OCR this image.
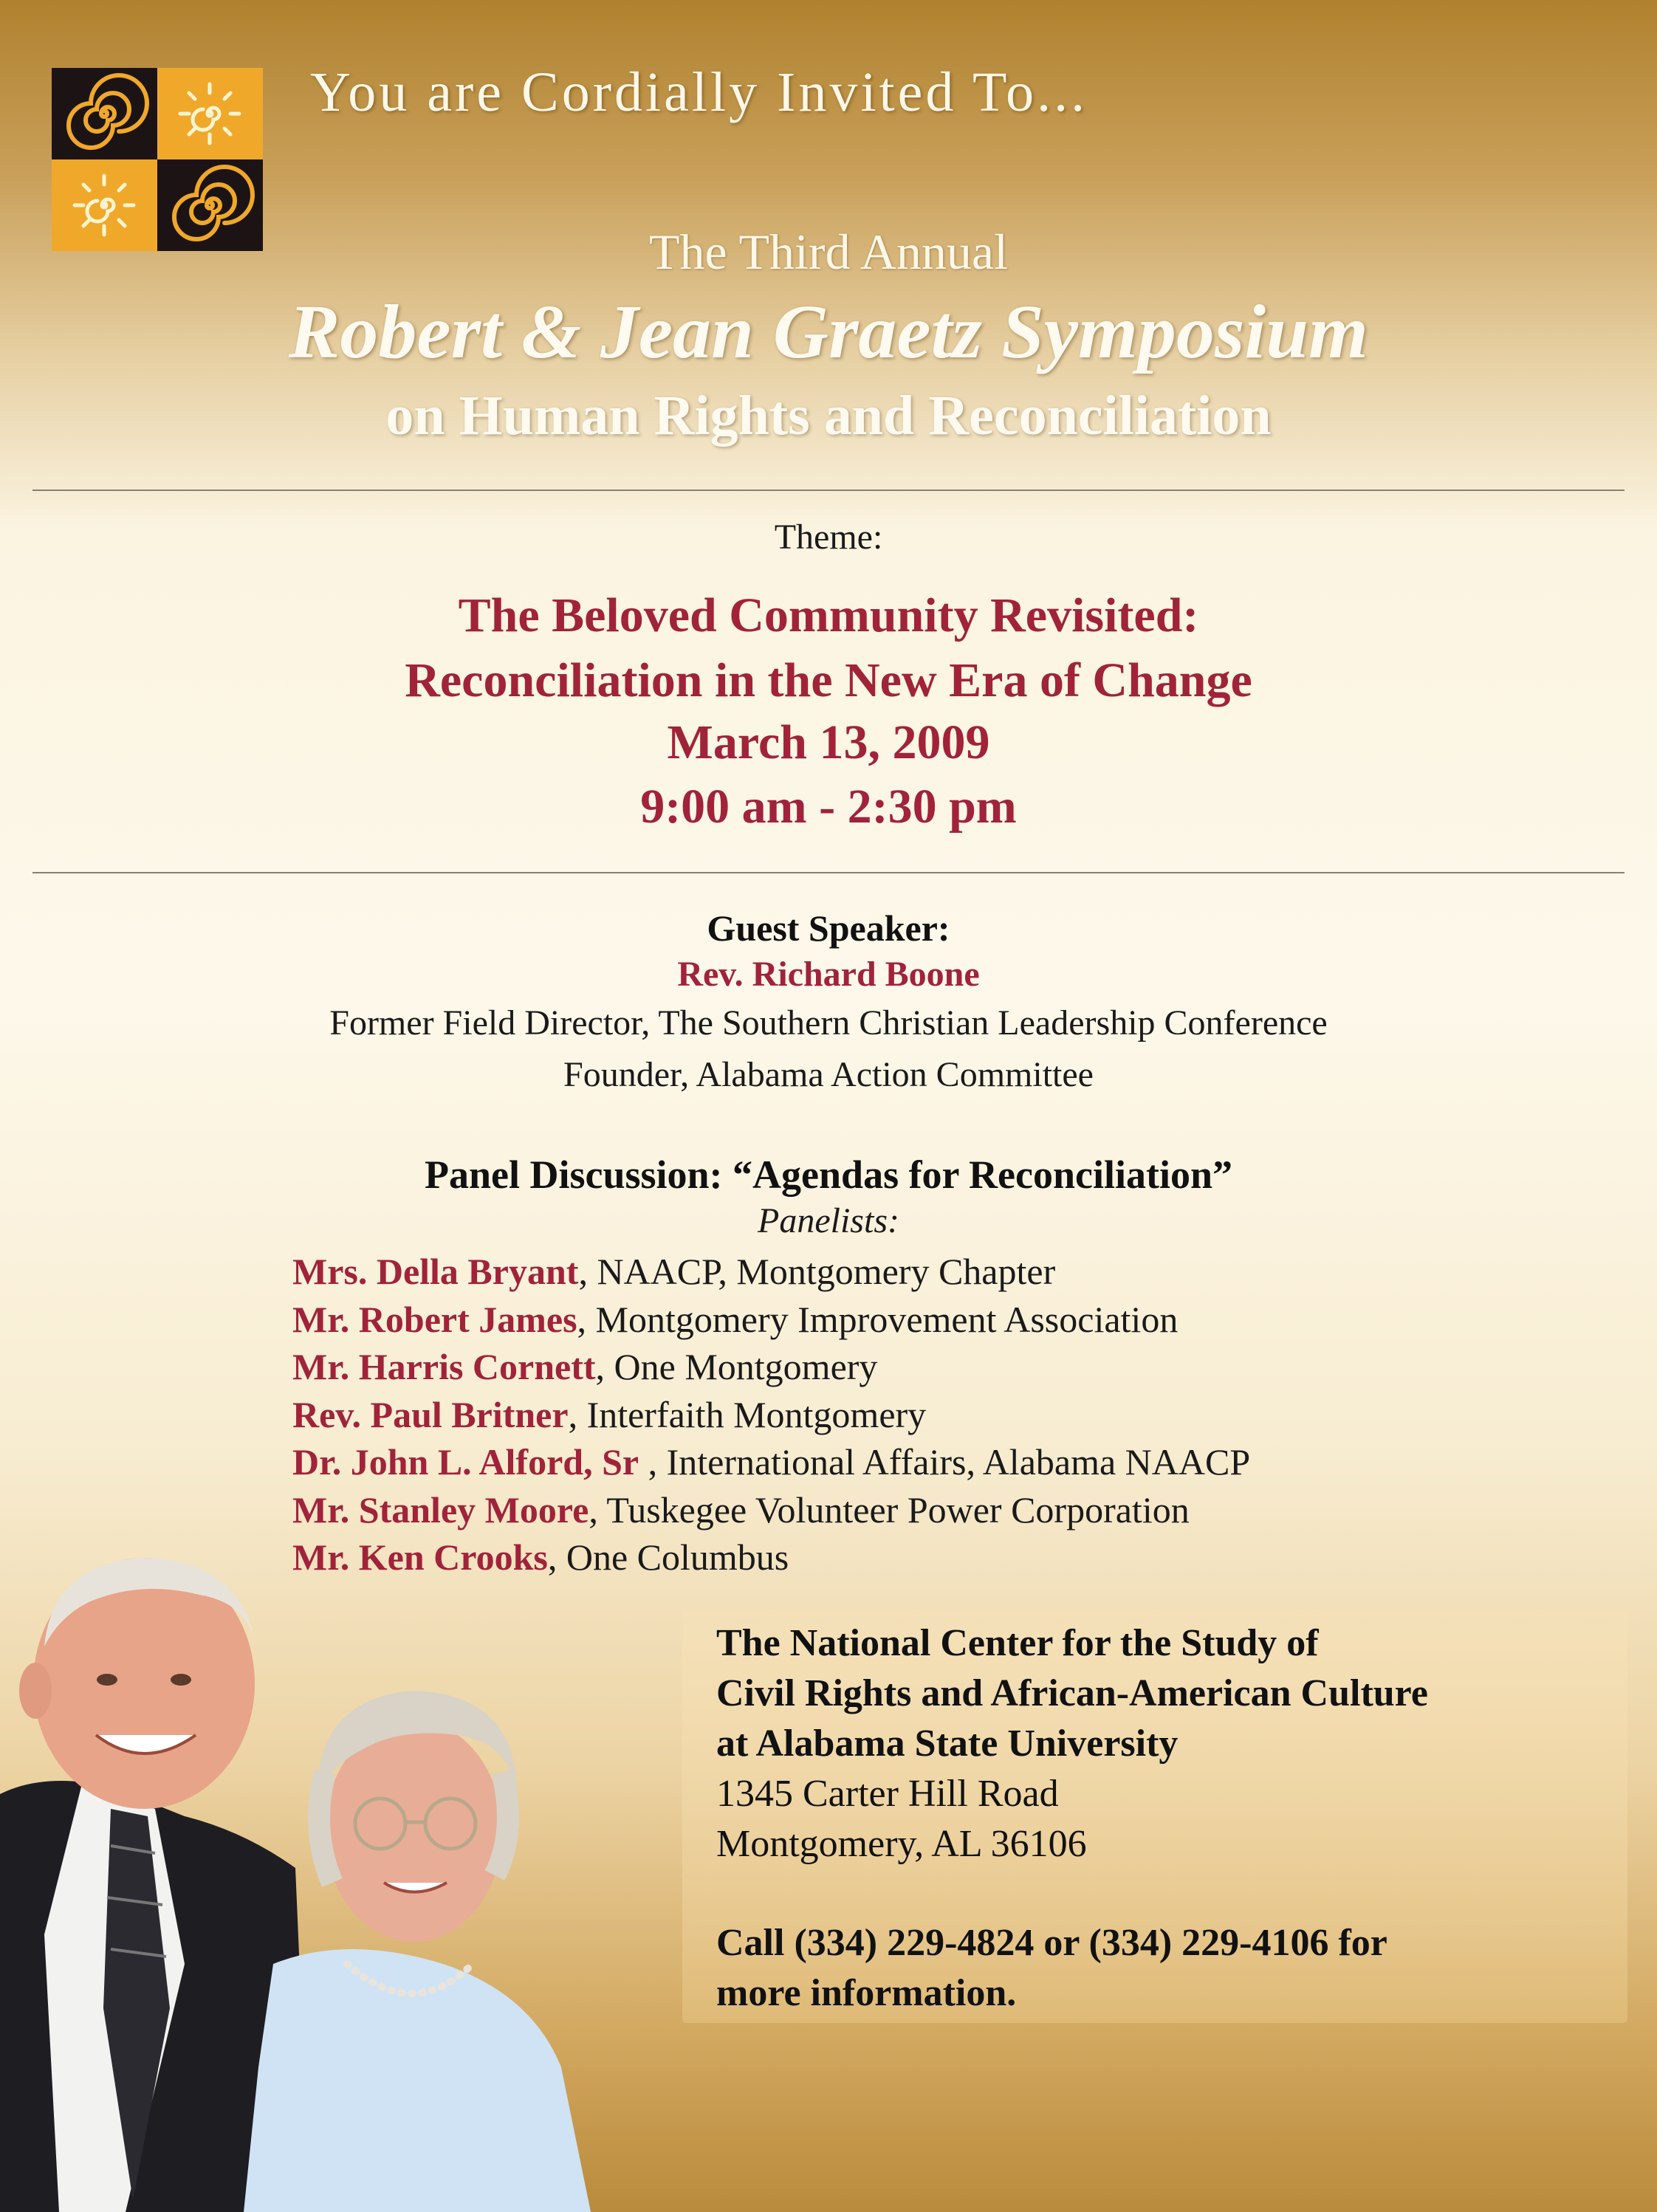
You are Cordially Invited To...
The Third Annual
Robert & Jean Graetz Symposium
on Human Rights and Reconciliation
Theme:
The Beloved Community Revisited:
Reconciliation in the New Era of Change
March 13, 2009
9:00 am - 2:30 pm
Guest Speaker:
Rev. Richard Boone
Former Field Director, The Southern Christian Leadership Conference
Founder, Alabama Action Committee
Panel Discussion: “Agendas for Reconciliation”
Panelists:
Mrs. Della Bryant, NAACP, Montgomery Chapter
Mr. Robert James, Montgomery Improvement Association
Mr. Harris Cornett, One Montgomery
Rev. Paul Britner, Interfaith Montgomery
Dr. John L. Alford, Sr , International Affairs, Alabama NAACP
Mr. Stanley Moore, Tuskegee Volunteer Power Corporation
Mr. Ken Crooks, One Columbus
The National Center for the Study of
Civil Rights and African-American Culture
at Alabama State University
1345 Carter Hill Road
Montgomery, AL 36106
Call (334) 229-4824 or (334) 229-4106 for
more information.
